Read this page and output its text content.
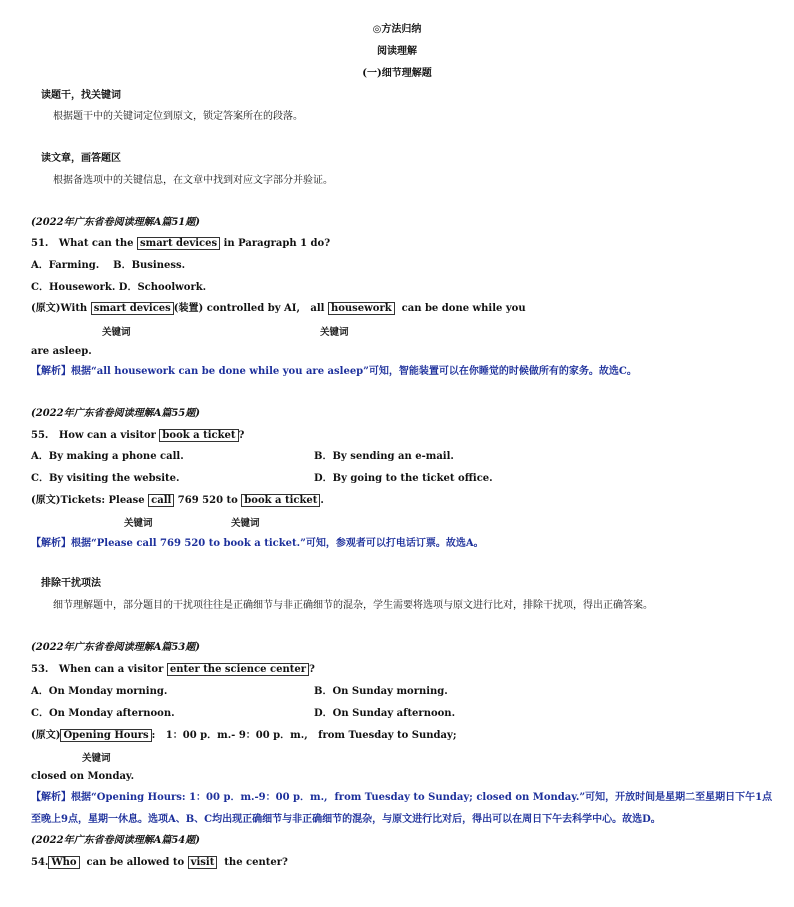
◎方法归纳
阅读理解
(一)细节理解题
读题干，找关键词
根据题干中的关键词定位到原文，锁定答案所在的段落。
读文章，画答题区
根据备选项中的关键信息，在文章中找到对应文字部分并验证。
(2022年广东省卷阅读理解A篇51题)
51.   What can the smart devices in Paragraph 1 do?
A．Farming. B．Business.
C．Housework. D．Schoolwork.
(原文)With smart devices (装置) controlled by AI,   all housework  can be done while you
关键词	关键词
are asleep.
【解析】根据“all housework can be done while you are asleep”可知，智能装置可以在你睡觉的时候做所有的家务。故选C。
(2022年广东省卷阅读理解A篇55题)
55.   How can a visitor book a ticket ?
A．By making a phone call.	B．By sending an e-mail.
C．By visiting the website.	D．By going to the ticket office.
(原文)Tickets: Please call 769 520 to book a ticket .
关键词	关键词
【解析】根据“Please call 769 520 to book a ticket.”可知，参观者可以打电话订票。故选A。
排除干扰项法
细节理解题中，部分题目的干扰项往往是正确细节与非正确细节的混杂，学生需要将选项与原文进行比对，排除干扰项，得出正确答案。
(2022年广东省卷阅读理解A篇53题)
53.   When can a visitor enter the science center ?
A．On Monday morning.	B．On Sunday morning.
C．On Monday afternoon.	D．On Sunday afternoon.
(原文) Opening Hours :   1：00 p．m.- 9：00 p．m.,   from Tuesday to Sunday;
关键词
closed on Monday.
【解析】根据“Opening Hours: 1：00 p．m.-9：00 p．m.,  from Tuesday to Sunday; closed on Monday.”可知，开放时间是星期二至星期日下午1点
至晚上9点，星期一休息。选项A、B、C均出现正确细节与非正确细节的混杂，与原文进行比对后，得出可以在周日下午去科学中心。故选D。
(2022年广东省卷阅读理解A篇54题)
54. Who  can be allowed to visit  the center?
